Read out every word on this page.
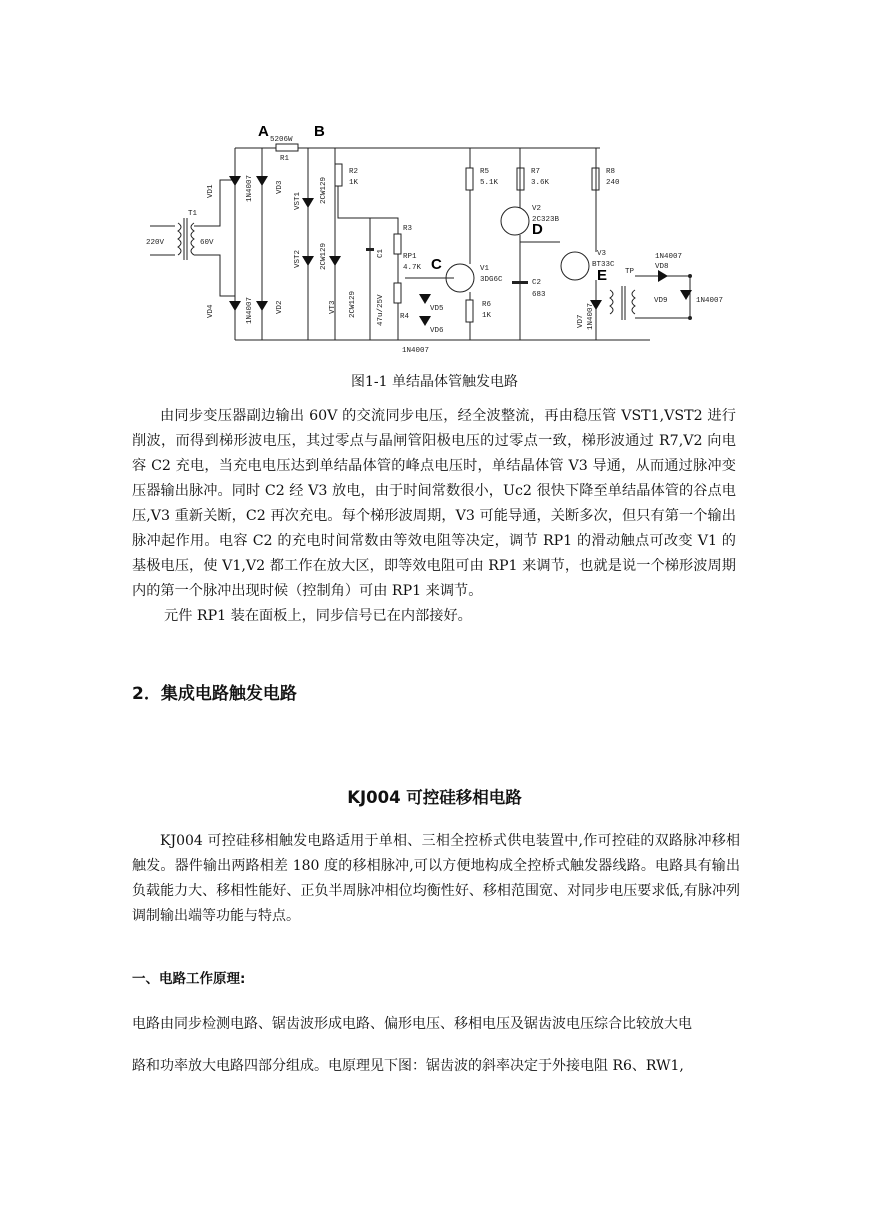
A	B
C
D
E
5206W
R1
R2
1K
R5
5.1K
R7
3.6K
R8
240
R3
RP1
4.7K
R4
R6
1K
T1
220V	60V
V1
3DG6C
V2
2C323B
V3
BT33C
C2
683
TP
1N4007
VD8
VD9	1N4007
VD5
VD6
1N4007
VD1	1N4007	VD3
VD4	1N4007	VD2
VST1 2CW129
VST2 2CW129
VT3 2CW129
C1
47u/25V	VD7 1N4007
图1-1 单结晶体管触发电路

由同步变压器副边输出 60V 的交流同步电压，经全波整流，再由稳压管 VST1,VST2 进行削波，而得到梯形波电压，其过零点与晶闸管阳极电压的过零点一致，梯形波通过 R7,V2 向电容 C2 充电，当充电电压达到单结晶体管的峰点电压时，单结晶体管 V3 导通，从而通过脉冲变压器输出脉冲。同时 C2 经 V3 放电，由于时间常数很小，Uc2 很快下降至单结晶体管的谷点电压,V3 重新关断，C2 再次充电。每个梯形波周期，V3 可能导通，关断多次，但只有第一个输出脉冲起作用。电容 C2 的充电时间常数由等效电阻等决定，调节 RP1 的滑动触点可改变 V1 的基极电压，使 V1,V2 都工作在放大区，即等效电阻可由 RP1 来调节，也就是说一个梯形波周期内的第一个脉冲出现时候（控制角）可由 RP1 来调节。

元件 RP1 装在面板上，同步信号已在内部接好。

2．集成电路触发电路
KJ004 可控硅移相电路

KJ004 可控硅移相触发电路适用于单相、三相全控桥式供电装置中,作可控硅的双路脉冲移相触发。器件输出两路相差 180 度的移相脉冲,可以方便地构成全控桥式触发器线路。电路具有输出负载能力大、移相性能好、正负半周脉冲相位均衡性好、移相范围宽、对同步电压要求低,有脉冲列调制输出端等功能与特点。

一、电路工作原理:
电路由同步检测电路、锯齿波形成电路、偏形电压、移相电压及锯齿波电压综合比较放大电
路和功率放大电路四部分组成。电原理见下图：锯齿波的斜率决定于外接电阻 R6、RW1,
